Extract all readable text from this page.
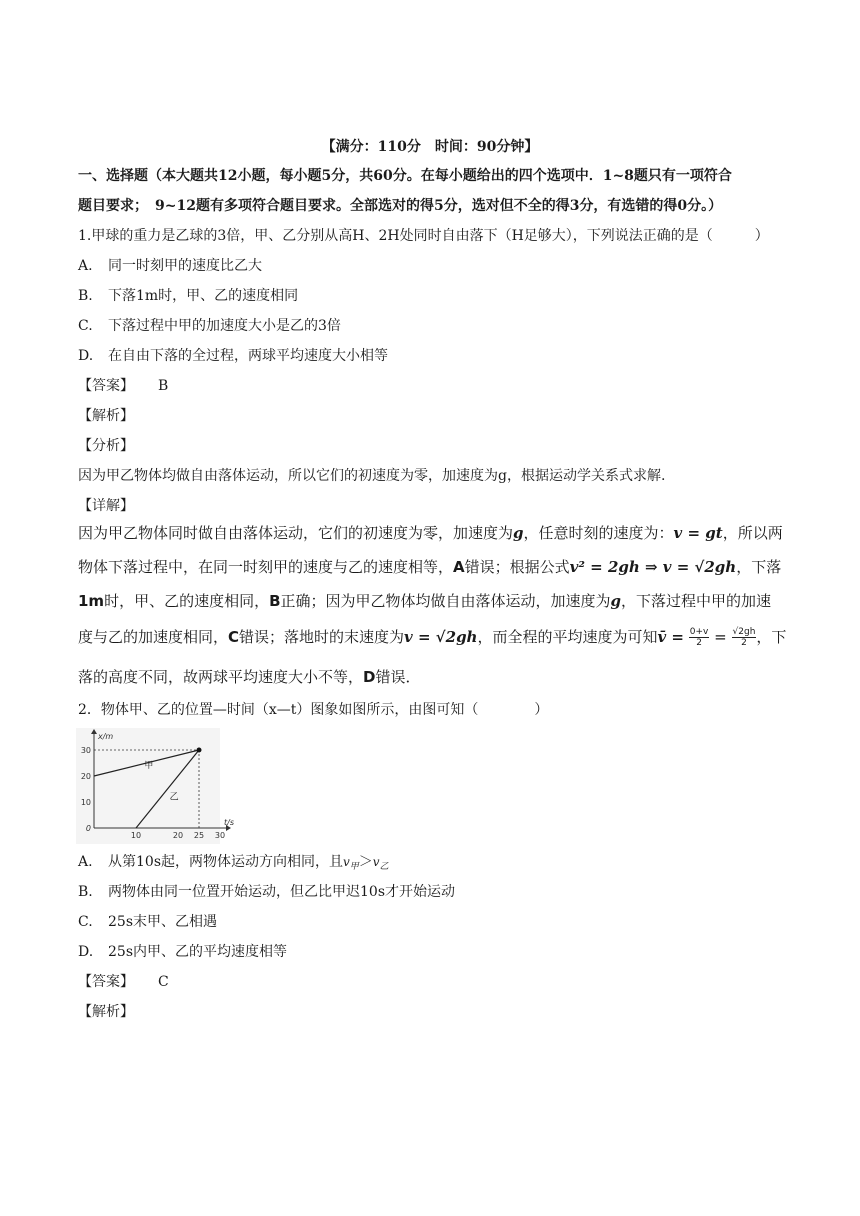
【满分：110分　时间：90分钟】
一、选择题（本大题共12小题，每小题5分，共60分。在每小题给出的四个选项中．1~8题只有一项符合
题目要求；　9~12题有多项符合题目要求。全部选对的得5分，选对但不全的得3分，有选错的得0分。）
1.甲球的重力是乙球的3倍，甲、乙分别从高H、2H处同时自由落下（H足够大），下列说法正确的是（　　　）
A. 同一时刻甲的速度比乙大
B. 下落1m时，甲、乙的速度相同
C. 下落过程中甲的加速度大小是乙的3倍
D. 在自由下落的全过程，两球平均速度大小相等
【答案】 B
【解析】
【分析】
因为甲乙物体均做自由落体运动，所以它们的初速度为零，加速度为g，根据运动学关系式求解.
【详解】
因为甲乙物体同时做自由落体运动，它们的初速度为零，加速度为g，任意时刻的速度为：v = gt，所以两
物体下落过程中，在同一时刻甲的速度与乙的速度相等，A错误；根据公式v² = 2gh ⇒ v = √2gh，下落
1m时，甲、乙的速度相同，B正确；因为甲乙物体均做自由落体运动，加速度为g，下落过程中甲的加速
度与乙的加速度相同，C错误；落地时的末速度为v = √2gh，而全程的平均速度为可知v̄ = $\frac{0+v}{2} = \frac{√2gh}{2}$ ，下
落的高度不同，故两球平均速度大小不等，D错误．
2．物体甲、乙的位置—时间（x—t）图象如图所示，由图可知（　　　　）
x/m
t/s
0
10
20
30
10	20 25 30
甲
乙
A. 从第10s起，两物体运动方向相同，且$v_甲>v_乙$
B. 两物体由同一位置开始运动，但乙比甲迟10s才开始运动
C. 25s末甲、乙相遇
D. 25s内甲、乙的平均速度相等
【答案】 C
【解析】
